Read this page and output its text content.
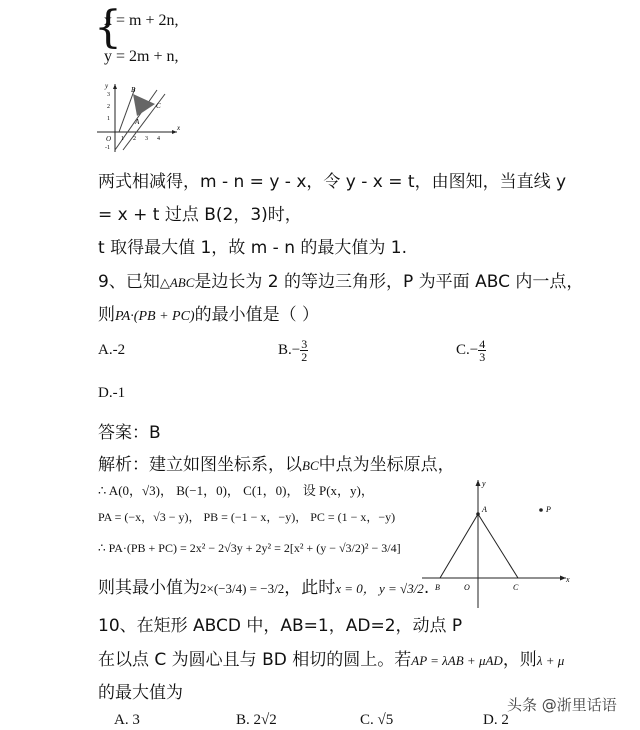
{
x = m + 2n,
y = 2m + n,
x
y
O 1 2 3 4
3
2
1
-1
B
C
A
两式相减得，m - n = y - x，令 y - x = t，由图知，当直线 y
= x + t 过点 B(2，3)时，
t 取得最大值 1，故 m - n 的最大值为 1.
9、已知△ABC是边长为 2 的等边三角形，P 为平面 ABC 内一点，
则PA·(PB + PC)的最小值是（ ）
A.-2	$B.- \frac{3}{2}$	$C.- \frac{4}{3}$
D.-1
答案：B
解析：建立如图坐标系，以BC中点为坐标原点，
∴ A(0，√3)， B(−1，0)， C(1，0)， 设 P(x，y)，
PA = (−x，√3 − y)， PB = (−1 − x，−y)， PC = (1 − x，−y)
∴ PA·(PB + PC) = 2x² − 2√3y + 2y² = 2[x² + (y − √3/2)² − 3/4]
则其最小值为2×(−3/4) = −3/2，此时x = 0， y = √3/2.	x
y
A
B	O	C
P
10、在矩形 ABCD 中，AB=1，AD=2，动点 P
在以点 C 为圆心且与 BD 相切的圆上。若AP = λAB + μAD，则λ + μ
的最大值为
A. 3	B. 2√2	C. √5	D. 2
头条 @浙里话语
